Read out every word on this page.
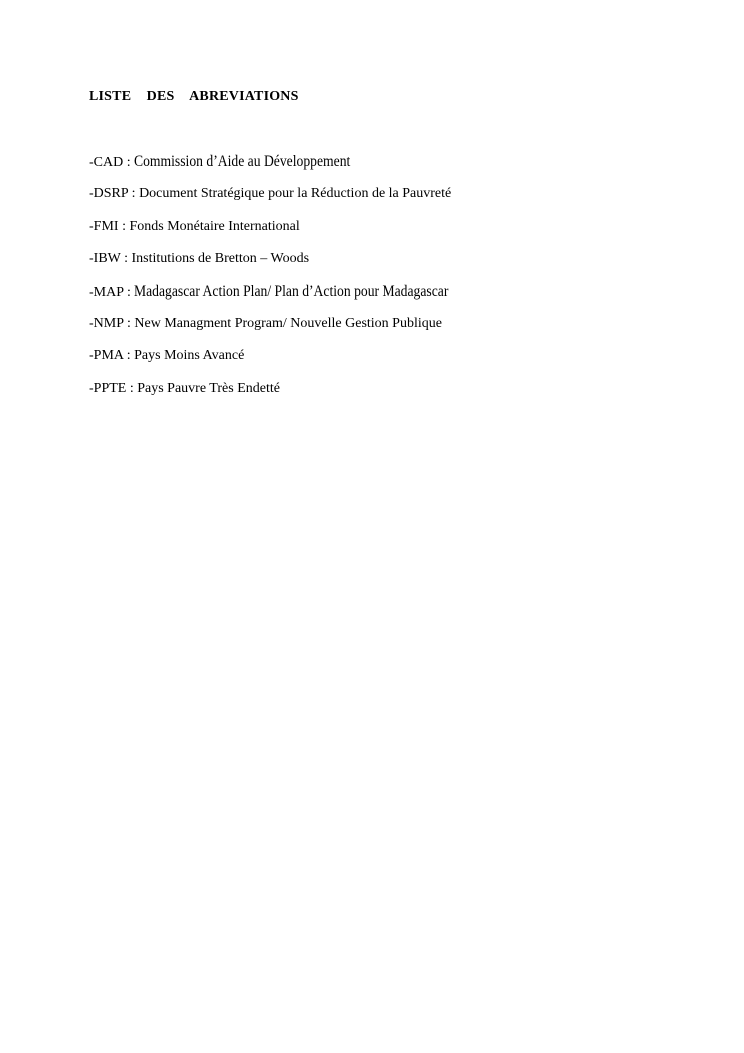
LISTE  DES  ABREVIATIONS
-CAD : Commission d’Aide au Développement
-DSRP : Document Stratégique pour la Réduction de la Pauvreté
-FMI : Fonds Monétaire International
-IBW : Institutions de Bretton – Woods
-MAP : Madagascar Action Plan/ Plan d’Action pour Madagascar
-NMP : New Managment Program/ Nouvelle Gestion Publique
-PMA : Pays Moins Avancé
-PPTE : Pays Pauvre Très Endetté
